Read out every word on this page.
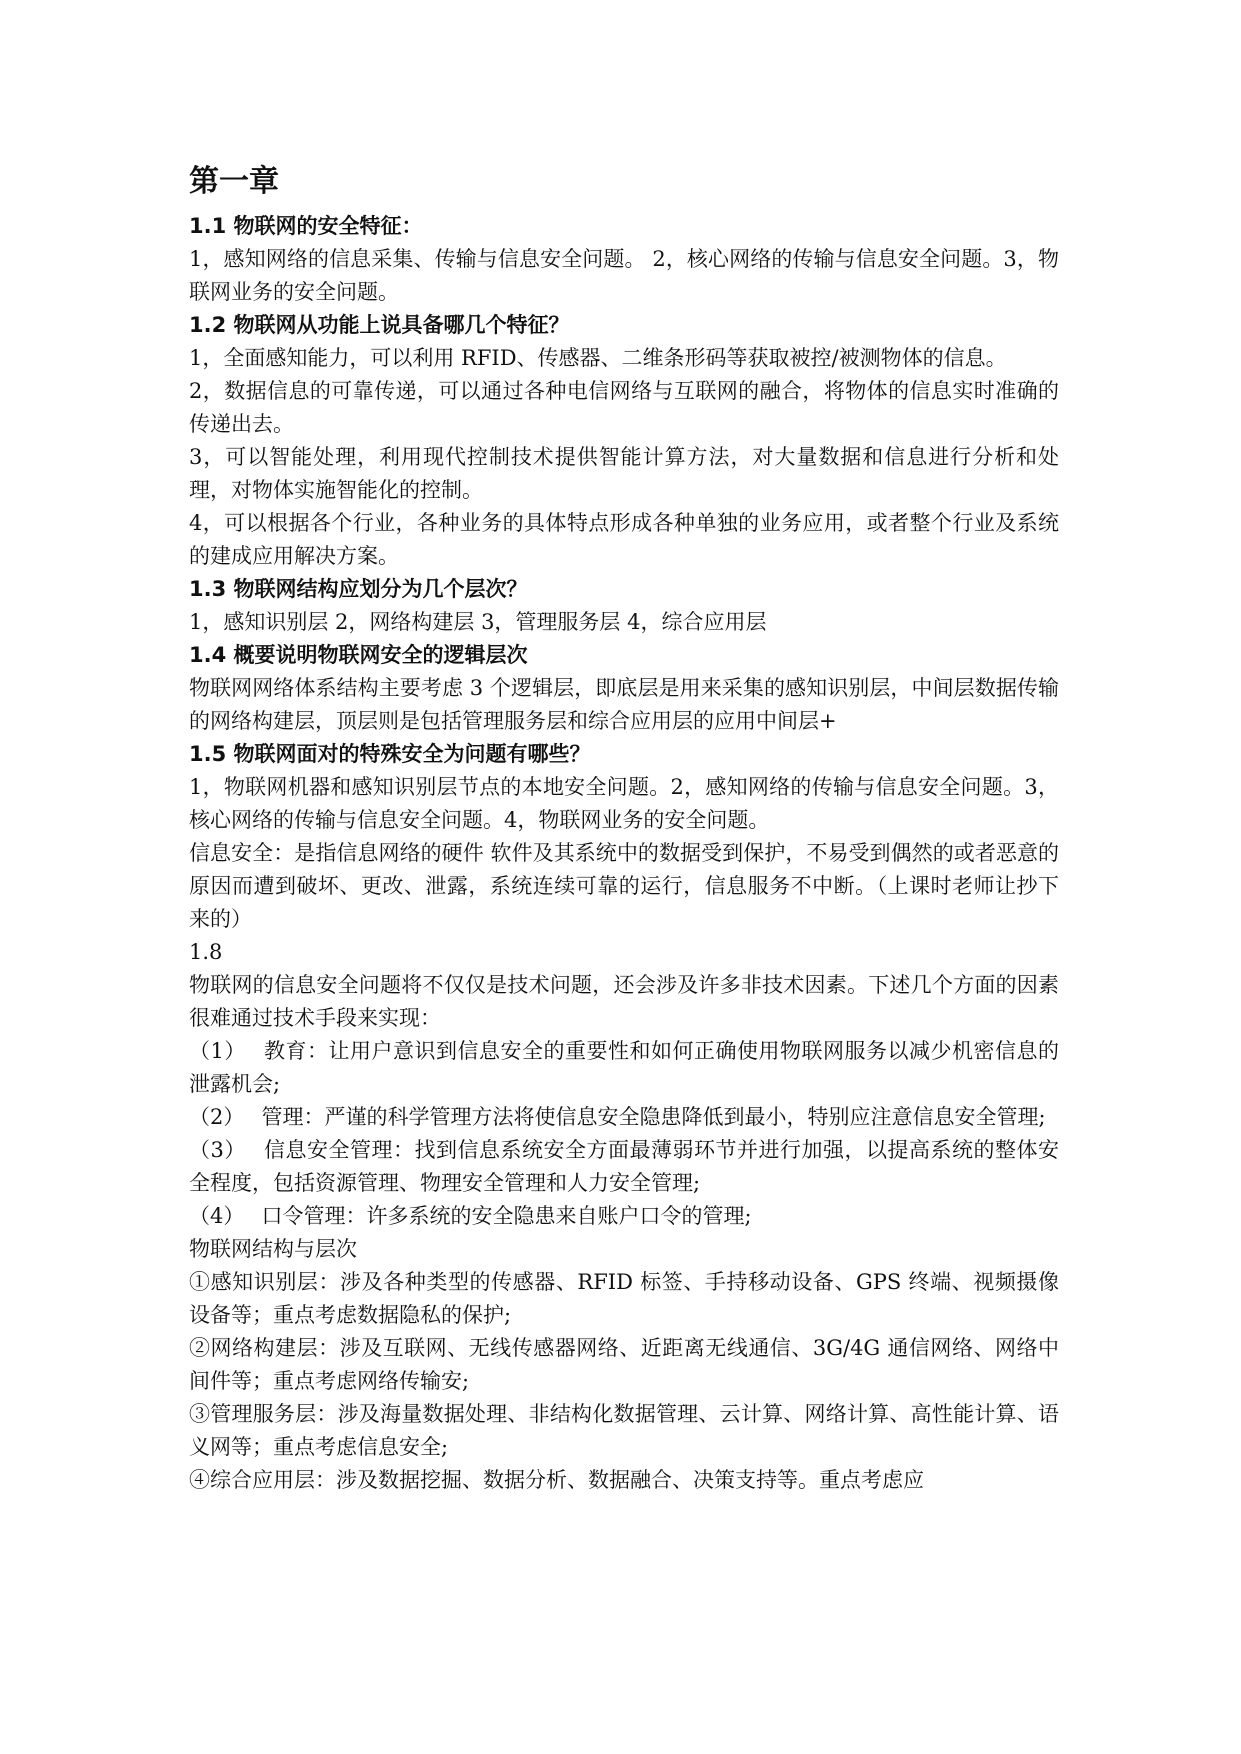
第一章
1.1 物联网的安全特征：
1，感知网络的信息采集、传输与信息安全问题。 2，核心网络的传输与信息安全问题。3，物联网业务的安全问题。
1.2 物联网从功能上说具备哪几个特征？
1，全面感知能力，可以利用 RFID、传感器、二维条形码等获取被控/被测物体的信息。
2，数据信息的可靠传递，可以通过各种电信网络与互联网的融合，将物体的信息实时准确的传递出去。
3，可以智能处理，利用现代控制技术提供智能计算方法，对大量数据和信息进行分析和处理，对物体实施智能化的控制。
4，可以根据各个行业，各种业务的具体特点形成各种单独的业务应用，或者整个行业及系统的建成应用解决方案。
1.3 物联网结构应划分为几个层次？
1，感知识别层 2，网络构建层 3，管理服务层 4，综合应用层
1.4 概要说明物联网安全的逻辑层次
物联网网络体系结构主要考虑 3 个逻辑层，即底层是用来采集的感知识别层，中间层数据传输的网络构建层，顶层则是包括管理服务层和综合应用层的应用中间层+
1.5 物联网面对的特殊安全为问题有哪些？
1，物联网机器和感知识别层节点的本地安全问题。2，感知网络的传输与信息安全问题。3，核心网络的传输与信息安全问题。4，物联网业务的安全问题。
信息安全：是指信息网络的硬件 软件及其系统中的数据受到保护，不易受到偶然的或者恶意的原因而遭到破坏、更改、泄露，系统连续可靠的运行，信息服务不中断。（上课时老师让抄下来的）
1.8
物联网的信息安全问题将不仅仅是技术问题，还会涉及许多非技术因素。下述几个方面的因素很难通过技术手段来实现：
（1）　 教育：让用户意识到信息安全的重要性和如何正确使用物联网服务以减少机密信息的泄露机会;
（2）　 管理：严谨的科学管理方法将使信息安全隐患降低到最小，特别应注意信息安全管理;
（3）　 信息安全管理：找到信息系统安全方面最薄弱环节并进行加强，以提高系统的整体安全程度，包括资源管理、物理安全管理和人力安全管理;
（4）　 口令管理：许多系统的安全隐患来自账户口令的管理;
物联网结构与层次
①感知识别层：涉及各种类型的传感器、RFID 标签、手持移动设备、GPS 终端、视频摄像设备等；重点考虑数据隐私的保护;
②网络构建层：涉及互联网、无线传感器网络、近距离无线通信、3G/4G 通信网络、网络中间件等；重点考虑网络传输安;
③管理服务层：涉及海量数据处理、非结构化数据管理、云计算、网络计算、高性能计算、语义网等；重点考虑信息安全;
④综合应用层：涉及数据挖掘、数据分析、数据融合、决策支持等。重点考虑应
